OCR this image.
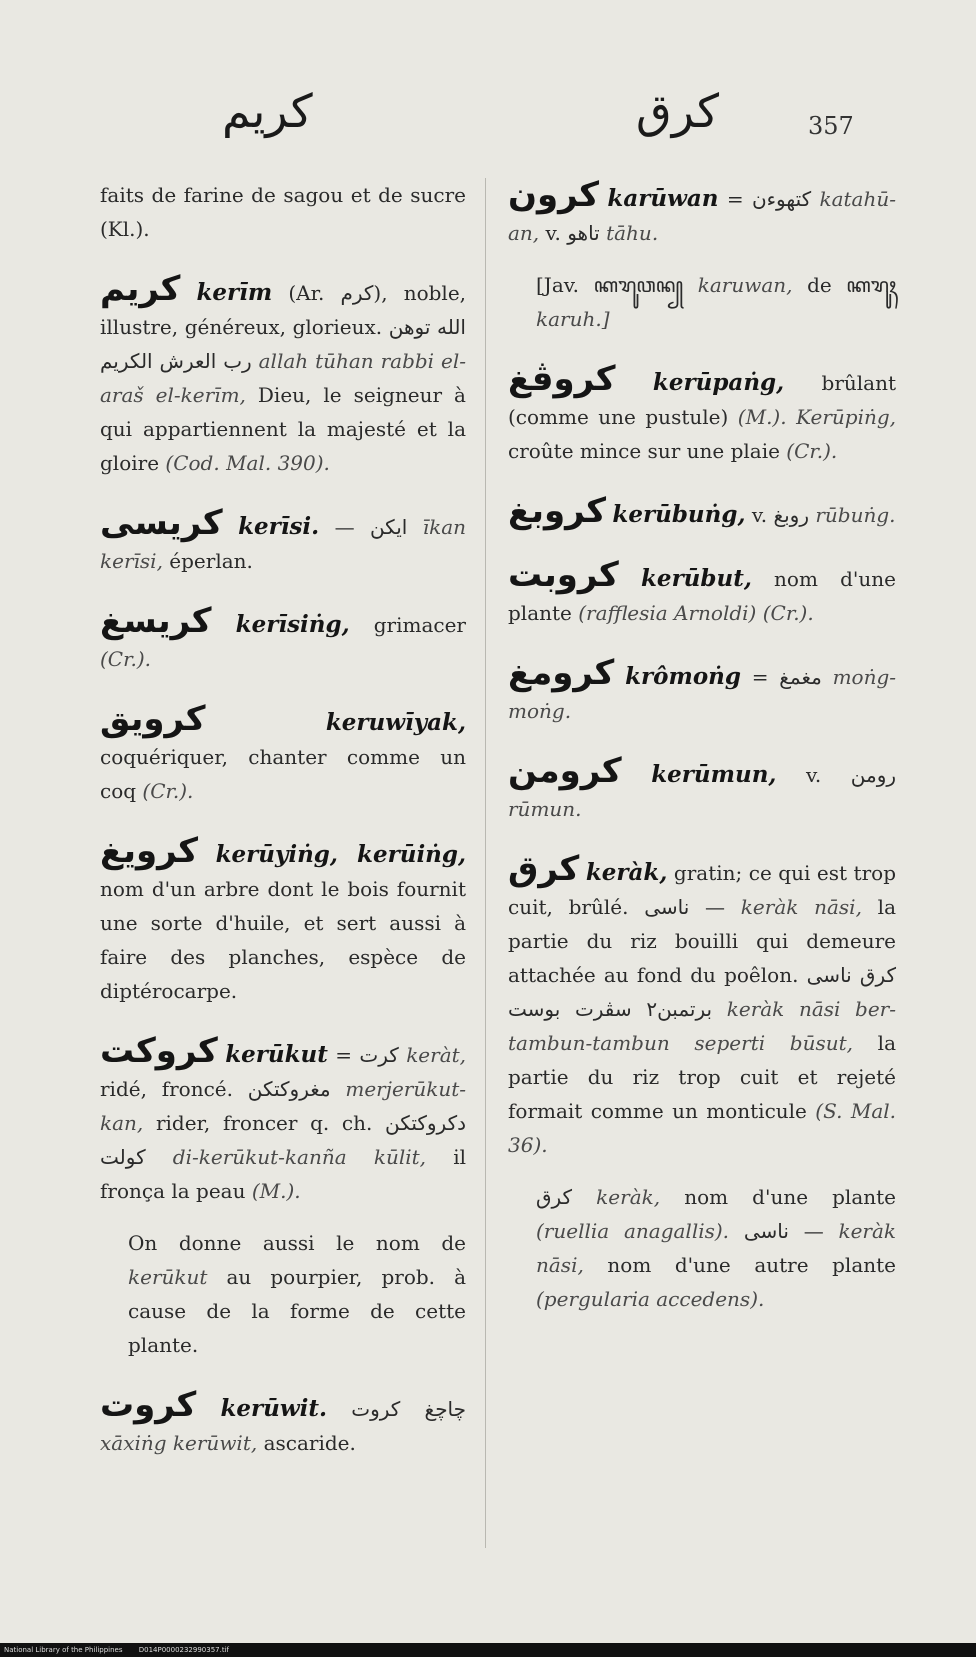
كريم	كرق	357

faits de farine de sagou et de sucre (Kl.).

كريم kerīm (Ar. كرم), noble, illustre, généreux, glorieux. الله توهن رب العرش الكريم allah tūhan rabbi el-araš el-kerīm, Dieu, le seigneur à qui appartiennent la majesté et la gloire (Cod. Mal. 390).

كريسى kerīsi. — ايكن īkan kerīsi, éperlan.

كريسغ kerīsiṅg, grimacer (Cr.).

كرويق	keruwīyak, coquériquer, chanter comme un coq (Cr.).

كرويغ kerūyiṅg, kerūiṅg, nom d'un arbre dont le bois fournit une sorte d'huile, et sert aussi à faire des planches, espèce de diptérocarpe.

كروكت kerūkut = كرت keràt, ridé, froncé. مغروكتكن merjerūkut-kan, rider, froncer q. ch. دكروكتكن كولت di-kerūkut-kanña kūlit, il fronça la peau (M.).

On donne aussi le nom de kerūkut au pourpier, prob. à cause de la forme de cette plante.

كروت kerūwit. چاچغ كروت xāxiṅg kerūwit, ascaride.

كرون karūwan = كتهوءن katahū-an, v. تاهو tāhu.

[Jav. ꦏꦫꦸꦮꦤ꧀ karuwan, de ꦏꦫꦸꦃ karuh.]

كروڤغ kerūpaṅg, brûlant (comme une pustule) (M.). Kerūpiṅg, croûte mince sur une plaie (Cr.).

كروبغ kerūbuṅg, v. روبغ rūbuṅg.

كروبت kerūbut, nom d'une plante (rafflesia Arnoldi) (Cr.).

كرومغ krômoṅg = مغمغ moṅg-moṅg.

كرومن kerūmun, v. رومن rūmun.

كرق keràk, gratin; ce qui est trop cuit, brûlé. ناسى — keràk nāsi, la partie du riz bouilli qui demeure attachée au fond du poêlon. كرق ناسى برتمبن٢ سڤرت بوست keràk nāsi ber-tambun-tambun seperti būsut, la partie du riz trop cuit et rejeté formait comme un monticule (S. Mal. 36).

كرق keràk, nom d'une plante (ruellia anagallis). ناسى — keràk nāsi, nom d'une autre plante (pergularia accedens).

National Library of the Philippines D014P0000232990357.tif
